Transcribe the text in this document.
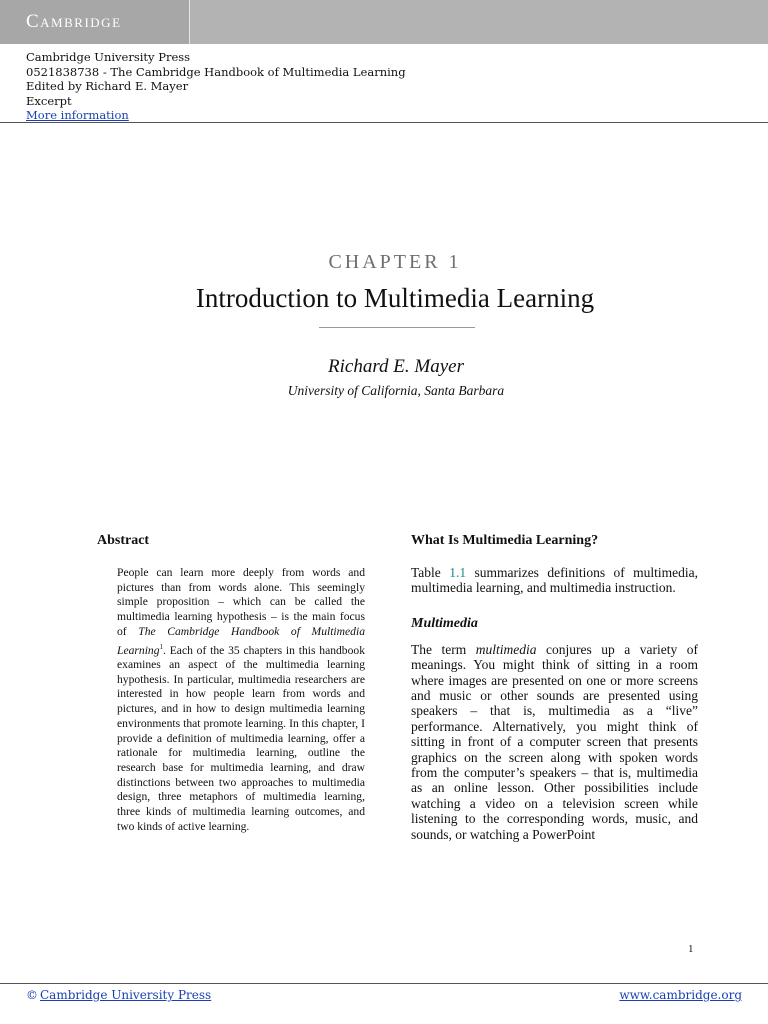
Cambridge
Cambridge University Press
0521838738 - The Cambridge Handbook of Multimedia Learning
Edited by Richard E. Mayer
Excerpt
More information
CHAPTER 1
Introduction to Multimedia Learning
Richard E. Mayer
University of California, Santa Barbara
Abstract
People can learn more deeply from words and pictures than from words alone. This seemingly simple proposition – which can be called the multimedia learning hypothesis – is the main focus of The Cambridge Handbook of Multimedia Learning$^1$. Each of the 35 chapters in this handbook examines an aspect of the multimedia learning hypothesis. In particular, multimedia researchers are interested in how people learn from words and pictures, and in how to design multimedia learning environments that promote learning. In this chapter, I provide a definition of multimedia learning, offer a rationale for multimedia learning, outline the research base for multimedia learning, and draw distinctions between two approaches to multimedia design, three metaphors of multimedia learning, three kinds of multimedia learning outcomes, and two kinds of active learning.
What Is Multimedia Learning?

Table 1.1 summarizes definitions of multimedia, multimedia learning, and multimedia instruction.

Multimedia

The term multimedia conjures up a variety of meanings. You might think of sitting in a room where images are presented on one or more screens and music or other sounds are presented using speakers – that is, multimedia as a “live” performance. Alternatively, you might think of sitting in front of a computer screen that presents graphics on the screen along with spoken words from the computer’s speakers – that is, multimedia as an online lesson. Other possibilities include watching a video on a television screen while listening to the corresponding words, music, and sounds, or watching a PowerPoint

1
© Cambridge University Press	www.cambridge.org
